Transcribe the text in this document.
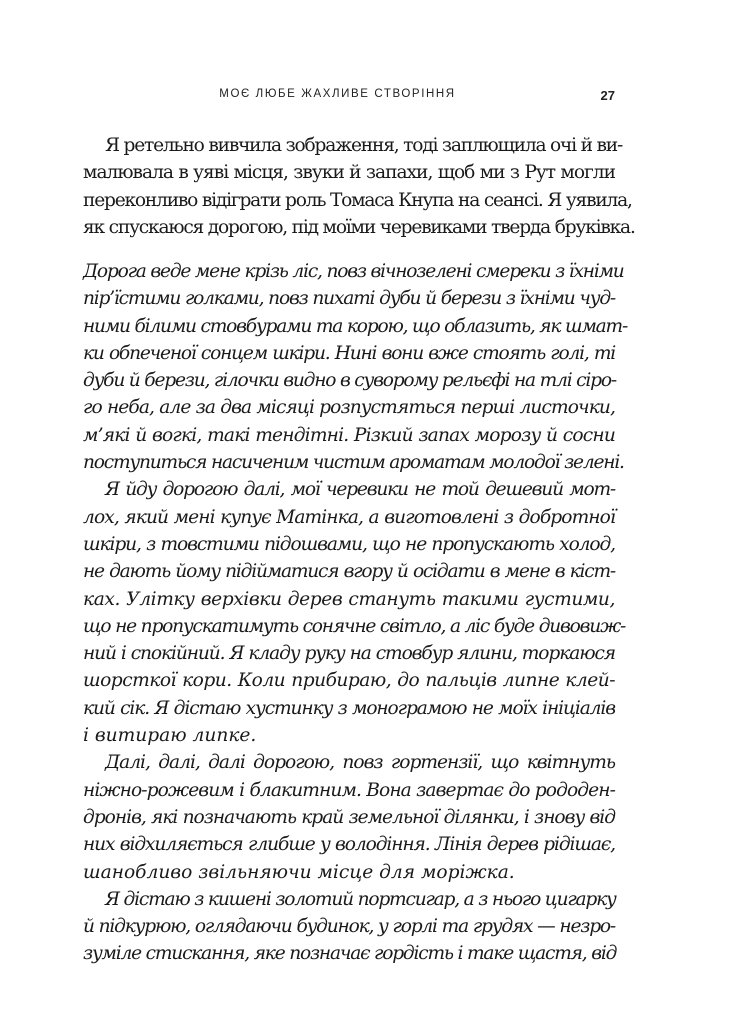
МОЄ ЛЮБЕ ЖАХЛИВЕ СТВОРІННЯ	27

Я ретельно вивчила зображення, тоді заплющила очі й ви-

малювала в уяві місця, звуки й запахи, щоб ми з Рут могли

переконливо відіграти роль Томаса Кнупа на сеансі. Я уявила,

як спускаюся дорогою, під моїми черевиками тверда бруківка.

Дорога веде мене крізь ліс, повз вічнозелені смереки з їхніми

пір’їстими голками, повз пихаті дуби й берези з їхніми чуд-

ними білими стовбурами та корою, що облазить, як шмат-

ки обпеченої сонцем шкіри. Нині вони вже стоять голі, ті

дуби й берези, гілочки видно в суворому рельєфі на тлі сіро-

го неба, але за два місяці розпустяться перші листочки,

м’які й вогкі, такі тендітні. Різкий запах морозу й сосни

поступиться насиченим чистим ароматам молодої зелені.

Я йду дорогою далі, мої черевики не той дешевий мот-

лох, який мені купує Матінка, а виготовлені з добротної

шкіри, з товстими підошвами, що не пропускають холод,

не дають йому підійматися вгору й осідати в мене в кіст-

ках. Улітку верхівки дерев стануть такими густими,

що не пропускатимуть сонячне світло, а ліс буде дивовиж-

ний і спокійний. Я кладу руку на стовбур ялини, торкаюся

шорсткої кори. Коли прибираю, до пальців липне клей-

кий сік. Я дістаю хустинку з монограмою не моїх ініціалів

і витираю липке.

Далі, далі, далі дорогою, повз гортензії, що квітнуть

ніжно-рожевим і блакитним. Вона завертає до рододен-

дронів, які позначають край земельної ділянки, і знову від

них відхиляється глибше у володіння. Лінія дерев рідішає,

шанобливо звільняючи місце для моріжка.

Я дістаю з кишені золотий портсигар, а з нього цигарку

й підкурюю, оглядаючи будинок, у горлі та грудях — незро-

зуміле стискання, яке позначає гордість і таке щастя, від
